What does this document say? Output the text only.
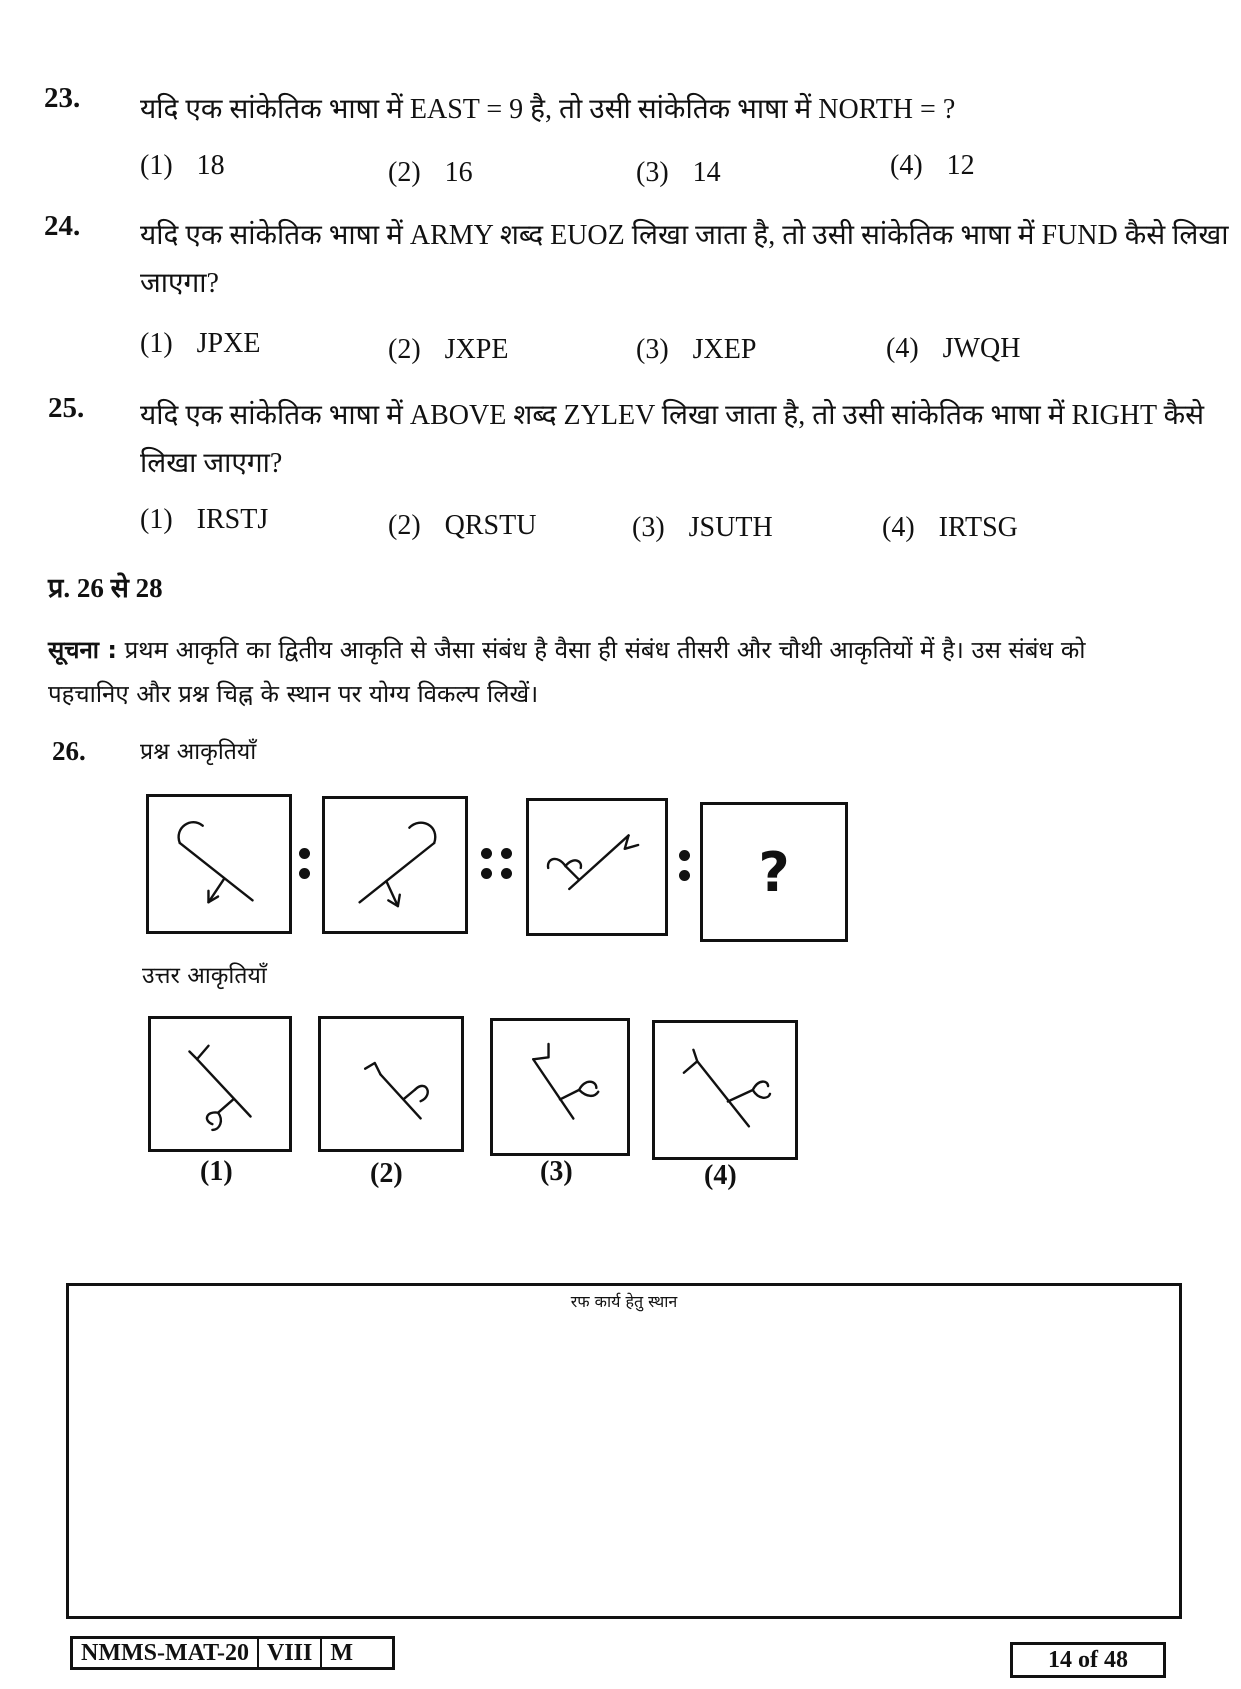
23. यदि एक सांकेतिक भाषा में EAST = 9 है, तो उसी सांकेतिक भाषा में NORTH = ?
(1) 18	(2) 16	(3) 14	(4) 12
24. यदि एक सांकेतिक भाषा में ARMY शब्द EUOZ लिखा जाता है, तो उसी सांकेतिक भाषा में FUND कैसे लिखा जाएगा?
(1) JPXE	(2) JXPE	(3) JXEP	(4) JWQH
25. यदि एक सांकेतिक भाषा में ABOVE शब्द ZYLEV लिखा जाता है, तो उसी सांकेतिक भाषा में RIGHT कैसे लिखा जाएगा?
(1) IRSTJ	(2) QRSTU	(3) JSUTH	(4) IRTSG
प्र. 26 से 28
सूचना : प्रथम आकृति का द्वितीय आकृति से जैसा संबंध है वैसा ही संबंध तीसरी और चौथी आकृतियों में है। उस संबंध को पहचानिए और प्रश्न चिह्न के स्थान पर योग्य विकल्प लिखें।
26. प्रश्न आकृतियाँ
?
उत्तर आकृतियाँ
(1)	(2)	(3)	(4)
रफ कार्य हेतु स्थान
NMMS-MAT-20 VIII M	14 of 48
